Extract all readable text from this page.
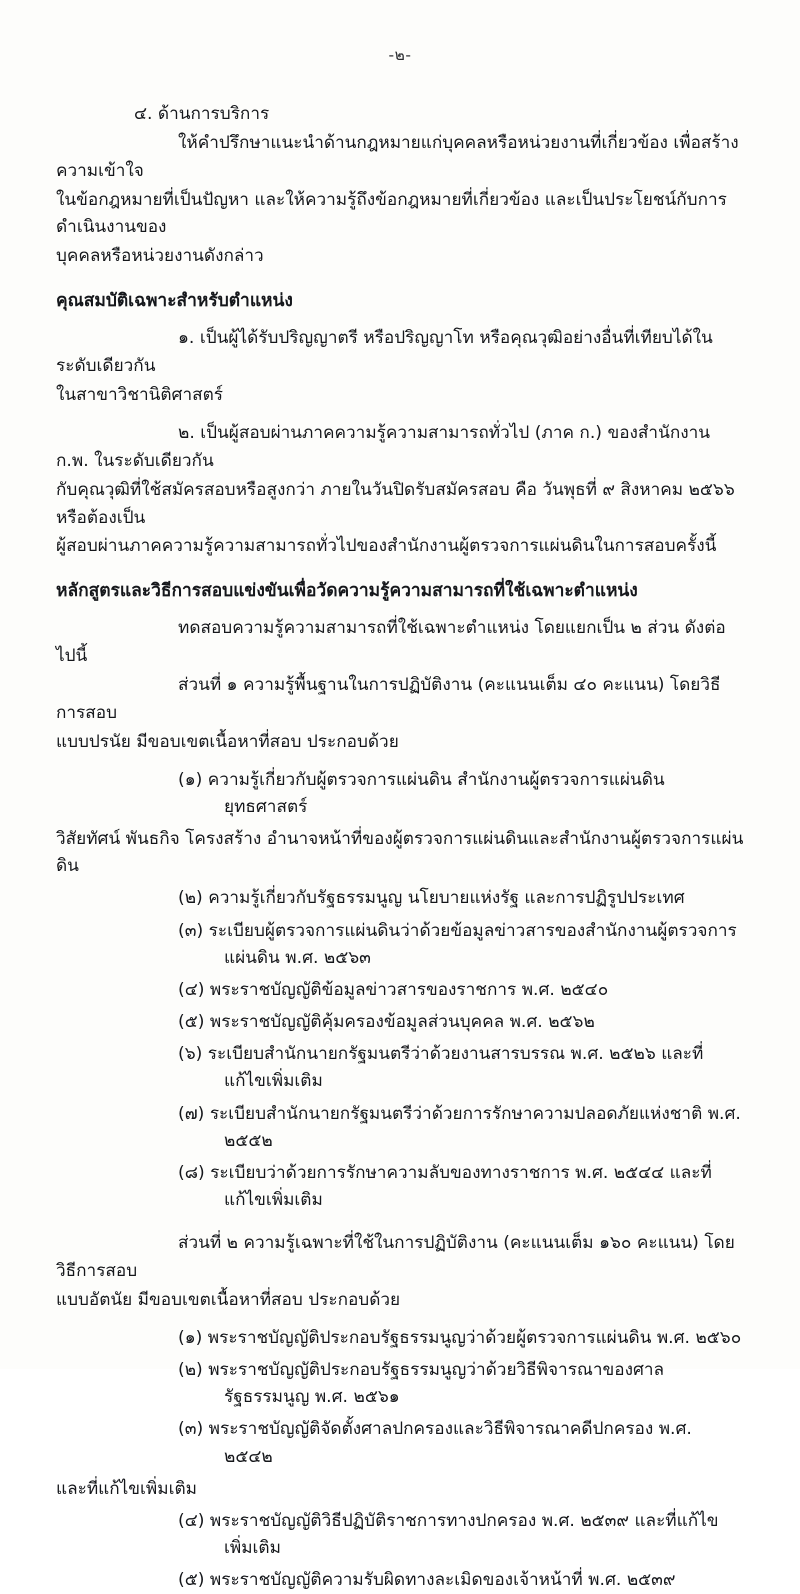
-๒-

๔. ด้านการบริการ

ให้คำปรึกษาแนะนำด้านกฎหมายแก่บุคคลหรือหน่วยงานที่เกี่ยวข้อง เพื่อสร้างความเข้าใจ

ในข้อกฎหมายที่เป็นปัญหา และให้ความรู้ถึงข้อกฎหมายที่เกี่ยวข้อง และเป็นประโยชน์กับการดำเนินงานของ

บุคคลหรือหน่วยงานดังกล่าว

คุณสมบัติเฉพาะสำหรับตำแหน่ง

๑. เป็นผู้ได้รับปริญญาตรี หรือปริญญาโท หรือคุณวุฒิอย่างอื่นที่เทียบได้ในระดับเดียวกัน

ในสาขาวิชานิติศาสตร์

๒. เป็นผู้สอบผ่านภาคความรู้ความสามารถทั่วไป (ภาค ก.) ของสำนักงาน ก.พ. ในระดับเดียวกัน

กับคุณวุฒิที่ใช้สมัครสอบหรือสูงกว่า ภายในวันปิดรับสมัครสอบ คือ วันพุธที่ ๙ สิงหาคม ๒๕๖๖ หรือต้องเป็น

ผู้สอบผ่านภาคความรู้ความสามารถทั่วไปของสำนักงานผู้ตรวจการแผ่นดินในการสอบครั้งนี้

หลักสูตรและวิธีการสอบแข่งขันเพื่อวัดความรู้ความสามารถที่ใช้เฉพาะตำแหน่ง

ทดสอบความรู้ความสามารถที่ใช้เฉพาะตำแหน่ง โดยแยกเป็น ๒ ส่วน ดังต่อไปนี้

ส่วนที่ ๑ ความรู้พื้นฐานในการปฏิบัติงาน (คะแนนเต็ม ๔๐ คะแนน) โดยวิธีการสอบ

แบบปรนัย มีขอบเขตเนื้อหาที่สอบ ประกอบด้วย

(๑) ความรู้เกี่ยวกับผู้ตรวจการแผ่นดิน สำนักงานผู้ตรวจการแผ่นดิน ยุทธศาสตร์

วิสัยทัศน์ พันธกิจ โครงสร้าง อำนาจหน้าที่ของผู้ตรวจการแผ่นดินและสำนักงานผู้ตรวจการแผ่นดิน

(๒) ความรู้เกี่ยวกับรัฐธรรมนูญ นโยบายแห่งรัฐ และการปฏิรูปประเทศ

(๓) ระเบียบผู้ตรวจการแผ่นดินว่าด้วยข้อมูลข่าวสารของสำนักงานผู้ตรวจการแผ่นดิน พ.ศ. ๒๕๖๓

(๔) พระราชบัญญัติข้อมูลข่าวสารของราชการ พ.ศ. ๒๕๔๐

(๕) พระราชบัญญัติคุ้มครองข้อมูลส่วนบุคคล พ.ศ. ๒๕๖๒

(๖) ระเบียบสำนักนายกรัฐมนตรีว่าด้วยงานสารบรรณ พ.ศ. ๒๕๒๖ และที่แก้ไขเพิ่มเติม

(๗) ระเบียบสำนักนายกรัฐมนตรีว่าด้วยการรักษาความปลอดภัยแห่งชาติ พ.ศ. ๒๕๕๒

(๘) ระเบียบว่าด้วยการรักษาความลับของทางราชการ พ.ศ. ๒๕๔๔ และที่แก้ไขเพิ่มเติม

ส่วนที่ ๒ ความรู้เฉพาะที่ใช้ในการปฏิบัติงาน (คะแนนเต็ม ๑๖๐ คะแนน) โดยวิธีการสอบ

แบบอัตนัย มีขอบเขตเนื้อหาที่สอบ ประกอบด้วย

(๑) พระราชบัญญัติประกอบรัฐธรรมนูญว่าด้วยผู้ตรวจการแผ่นดิน พ.ศ. ๒๕๖๐

(๒) พระราชบัญญัติประกอบรัฐธรรมนูญว่าด้วยวิธีพิจารณาของศาลรัฐธรรมนูญ พ.ศ. ๒๕๖๑

(๓) พระราชบัญญัติจัดตั้งศาลปกครองและวิธีพิจารณาคดีปกครอง พ.ศ. ๒๕๔๒

และที่แก้ไขเพิ่มเติม

(๔) พระราชบัญญัติวิธีปฏิบัติราชการทางปกครอง พ.ศ. ๒๕๓๙ และที่แก้ไขเพิ่มเติม

(๕) พระราชบัญญัติความรับผิดทางละเมิดของเจ้าหน้าที่ พ.ศ. ๒๕๓๙
